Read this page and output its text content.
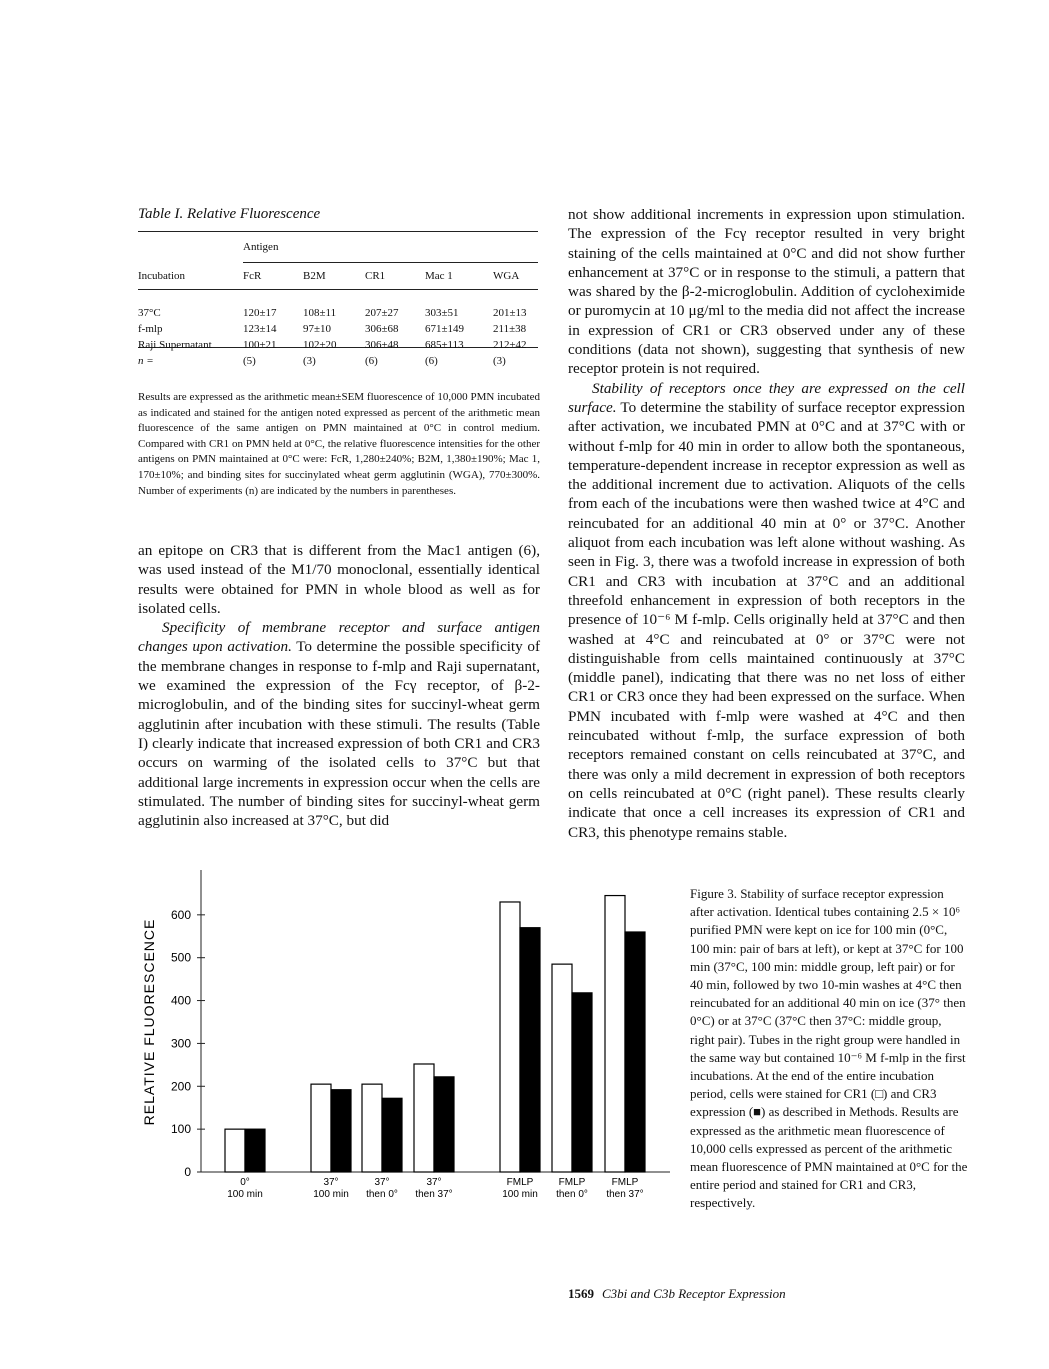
Table I. Relative Fluorescence
	Antigen				
Incubation	FcR	B2M	CR1	Mac 1	WGA

37°C	120±17	108±11	207±27	303±51	201±13
f-mlp	123±14	97±10	306±68	671±149	211±38
Raji Supernatant	100±21	102±20	306±48	685±113	212±42
n =	(5)	(3)	(6)	(6)	(3)
Results are expressed as the arithmetic mean±SEM fluorescence of 10,000 PMN incubated as indicated and stained for the antigen noted expressed as percent of the arithmetic mean fluorescence of the same antigen on PMN maintained at 0°C in control medium. Compared with CR1 on PMN held at 0°C, the relative fluorescence intensities for the other antigens on PMN maintained at 0°C were: FcR, 1,280±240%; B2M, 1,380±190%; Mac 1, 170±10%; and binding sites for succinylated wheat germ agglutinin (WGA), 770±300%. Number of experiments (n) are indicated by the numbers in parentheses.

an epitope on CR3 that is different from the Mac1 antigen (6), was used instead of the M1/70 monoclonal, essentially identical results were obtained for PMN in whole blood as well as for isolated cells.

Specificity of membrane receptor and surface antigen changes upon activation. To determine the possible specificity of the membrane changes in response to f-mlp and Raji supernatant, we examined the expression of the Fcγ receptor, of β-2-microglobulin, and of the binding sites for succinyl-wheat germ agglutinin after incubation with these stimuli. The results (Table I) clearly indicate that increased expression of both CR1 and CR3 occurs on warming of the isolated cells to 37°C but that additional large increments in expression occur when the cells are stimulated. The number of binding sites for succinyl-wheat germ agglutinin also increased at 37°C, but did

not show additional increments in expression upon stimulation. The expression of the Fcγ receptor resulted in very bright staining of the cells maintained at 0°C and did not show further enhancement at 37°C or in response to the stimuli, a pattern that was shared by the β-2-microglobulin. Addition of cycloheximide or puromycin at 10 μg/ml to the media did not affect the increase in expression of CR1 or CR3 observed under any of these conditions (data not shown), suggesting that synthesis of new receptor protein is not required.

Stability of receptors once they are expressed on the cell surface. To determine the stability of surface receptor expression after activation, we incubated PMN at 0°C and at 37°C with or without f-mlp for 40 min in order to allow both the spontaneous, temperature-dependent increase in receptor expression as well as the additional increment due to activation. Aliquots of the cells from each of the incubations were then washed twice at 4°C and reincubated for an additional 40 min at 0° or 37°C. Another aliquot from each incubation was left alone without washing. As seen in Fig. 3, there was a twofold increase in expression of both CR1 and CR3 with incubation at 37°C and an additional threefold enhancement in expression of both receptors in the presence of 10⁻⁶ M f-mlp. Cells originally held at 37°C and then washed at 4°C and reincubated at 0° or 37°C were not distinguishable from cells maintained continuously at 37°C (middle panel), indicating that there was no net loss of either CR1 or CR3 once they had been expressed on the surface. When PMN incubated with f-mlp were washed at 4°C and then reincubated without f-mlp, the surface expression of both receptors remained constant on cells reincubated at 37°C, and there was only a mild decrement in expression of both receptors on cells reincubated at 0°C (right panel). These results clearly indicate that once a cell increases its expression of CR1 and CR3, this phenotype remains stable.

0
100
200
300
400
500
600
RELATIVE FLUORESCENCE
0°
100 min
37°
100 min
37°
then 0°
37°
then 37°
FMLP
100 min
FMLP
then 0°
FMLP
then 37°
Figure 3. Stability of surface receptor expression after activation. Identical tubes containing 2.5 × 10⁶ purified PMN were kept on ice for 100 min (0°C, 100 min: pair of bars at left), or kept at 37°C for 100 min (37°C, 100 min: middle group, left pair) or for 40 min, followed by two 10-min washes at 4°C then reincubated for an additional 40 min on ice (37° then 0°C) or at 37°C (37°C then 37°C: middle group, right pair). Tubes in the right group were handled in the same way but contained 10⁻⁶ M f-mlp in the first incubations. At the end of the entire incubation period, cells were stained for CR1 (□) and CR3 expression (■) as described in Methods. Results are expressed as the arithmetic mean fluorescence of 10,000 cells expressed as percent of the arithmetic mean fluorescence of PMN maintained at 0°C for the entire period and stained for CR1 and CR3, respectively.
1569 C3bi and C3b Receptor Expression
